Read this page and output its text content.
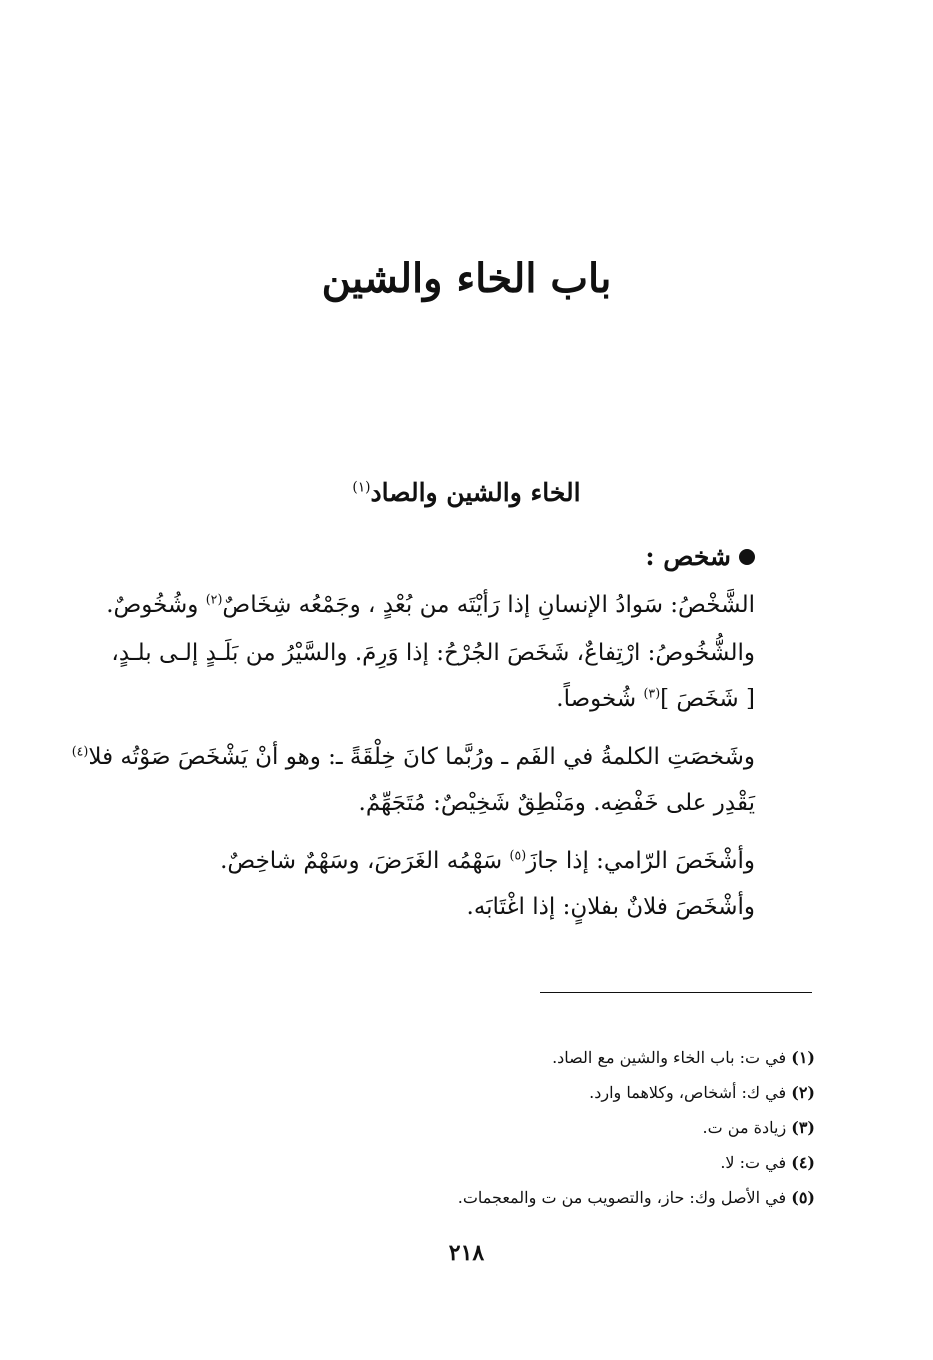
باب الخاء والشين
الخاء والشين والصاد$^{(١)}$
شخص :
الشَّخْصُ: سَوادُ الإنسانِ إذا رَأيْتَه من بُعْدٍ ، وجَمْعُه شِخَاصٌ$^{(٢)}$ وشُخُوصٌ.
والشُّخُوصُ: ارْتِفاعٌ، شَخَصَ الجُرْحُ: إذا وَرِمَ. والسَّيْرُ من بَلَـدٍ إلـى بلـدٍ،
[ شَخَصَ ]$^{(٣)}$ شُخوصاً.
وشَخصَتِ الكلمةُ في الفَم ـ ورُبَّما كانَ خِلْقَةً ـ: وهو أنْ يَشْخَصَ صَوْتُه فلا$^{(٤)}$
يَقْدِر على خَفْضِه. ومَنْطِقٌ شَخِيْصٌ: مُتَجَهِّمٌ.
وأشْخَصَ الرّامي: إذا جازَ$^{(٥)}$ سَهْمُه الغَرَضَ، وسَهْمٌ شاخِصٌ.
وأشْخَصَ فلانٌ بفلانٍ: إذا اغْتَابَه.
(١) في ت: باب الخاء والشين مع الصاد.
(٢) في ك: أشخاص، وكلاهما وارد.
(٣) زيادة من ت.
(٤) في ت: لا.
(٥) في الأصل وك: حاز، والتصويب من ت والمعجمات.
٢١٨
